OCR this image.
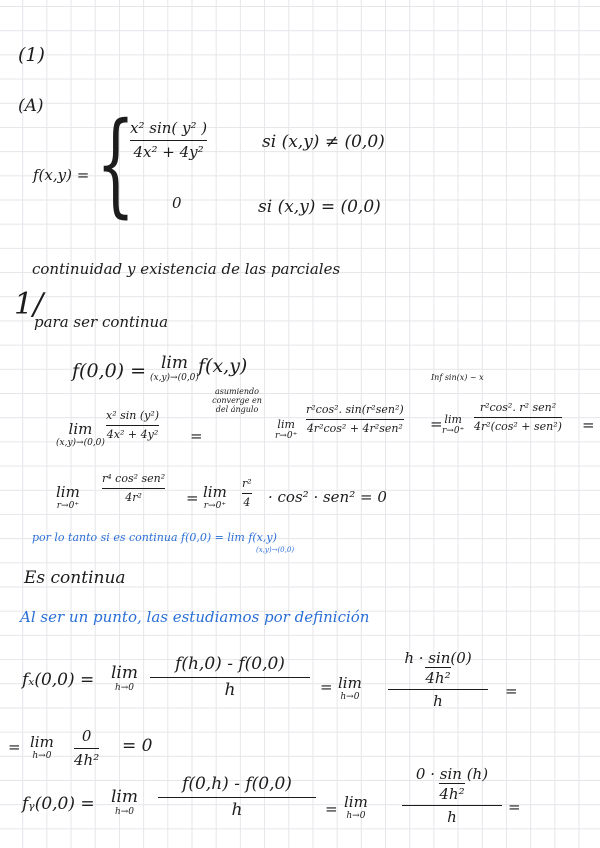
(1)
(A)
f(x,y) = {
x² sin( y² )
4x² + 4y²	si (x,y) ≠ (0,0)
0	si (x,y) = (0,0)
continuidad y existencia de las parciales
1/
para ser continua
f(0,0) = lim
(x,y)→(0,0)
f(x,y)
asumiendo converge en del ángulo
Inf sin(x) ~ x
lim
(x,y)→(0,0)
x² sin (y²)
4x² + 4y² =
lim
r→0⁺
r²cos². sin(r²sen²)
4r²cos² + 4r²sen² = lim
r→0⁺
r²cos². r² sen²
4r²(cos² + sen²) =
lim
r→0⁺
r⁴ cos² sen²
4r²	= lim
r→0⁺
r²
4 · cos² · sen² = 0
por lo tanto si es continua f(0,0) = lim f(x,y)
(x,y)→(0,0)
Es continua
Al ser un punto, las estudiamos por definición
fₓ(0,0) = lim
h→0
f(h,0) - f(0,0)
h	= lim
h→0
h · sin(0)
4h²
h
=
= lim
h→0
0
4h²
= 0
fᵧ(0,0) = lim
h→0
f(0,h) - f(0,0)
h	= lim
h→0
0 · sin (h)
4h²
h
=
